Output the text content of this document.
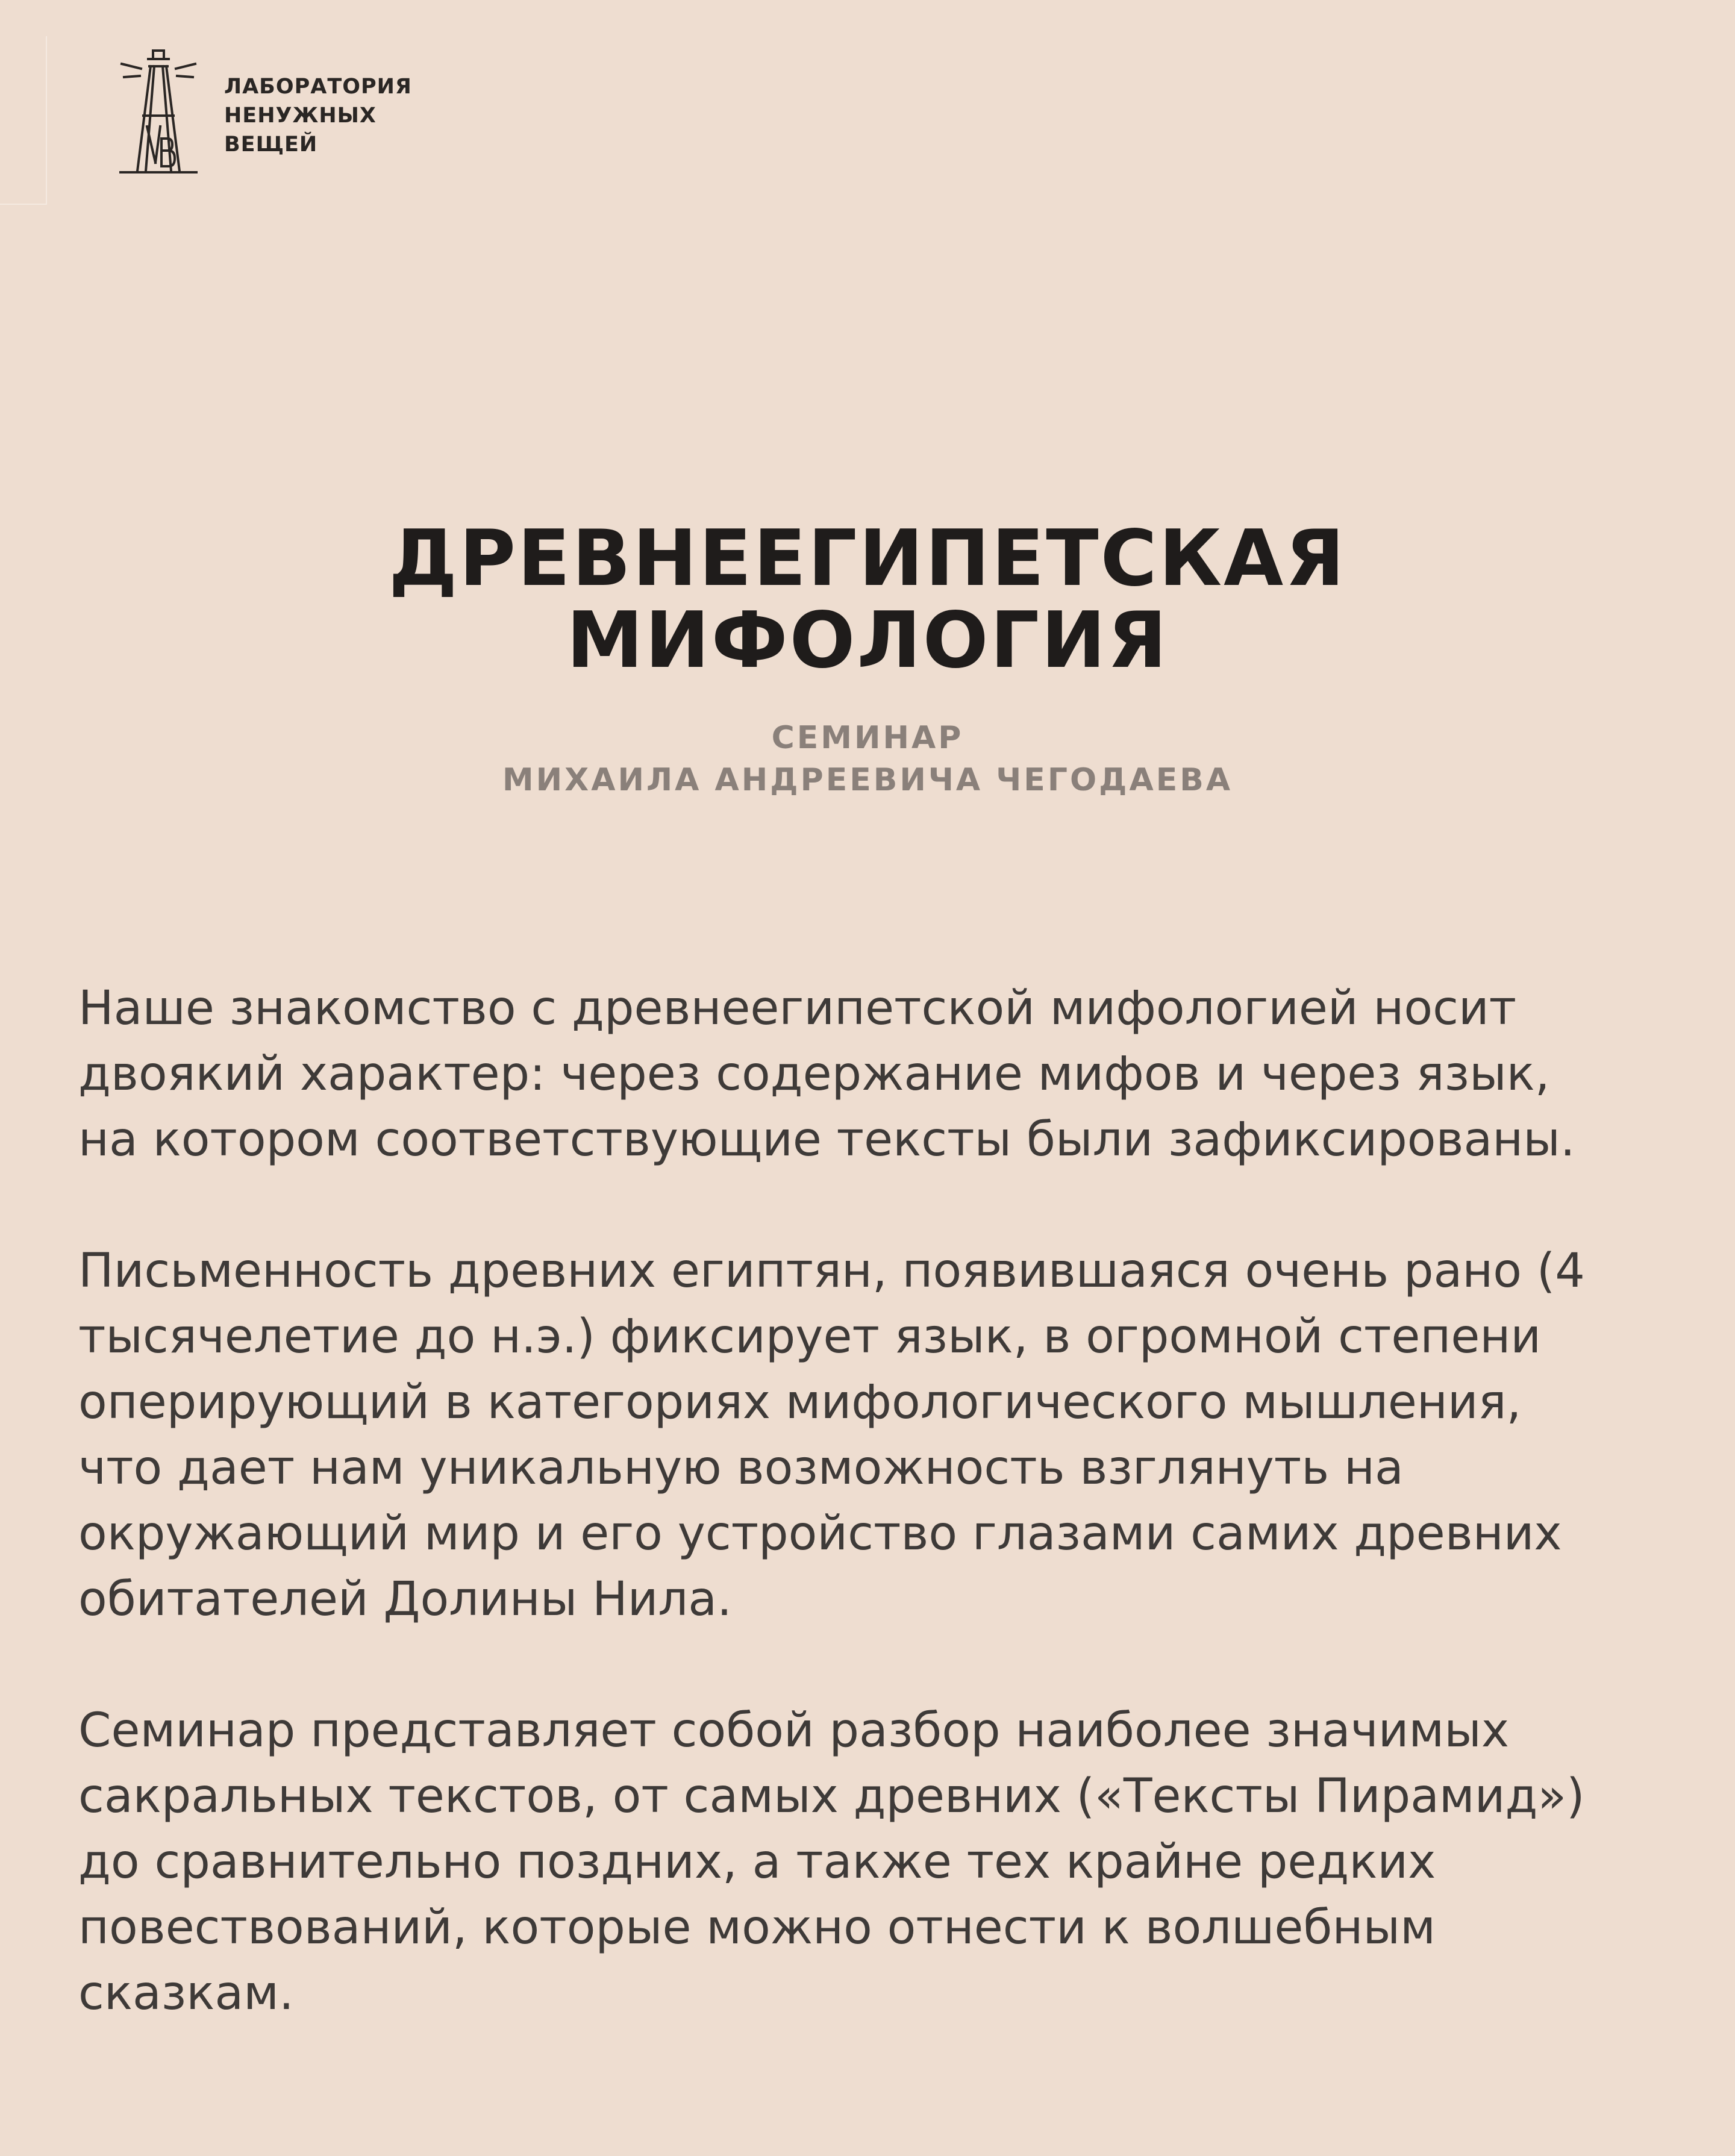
ЛАБОРАТОРИЯ
НЕНУЖНЫХ
ВЕЩЕЙ
ДРЕВНЕЕГИПЕТСКАЯ
МИФОЛОГИЯ
СЕМИНАР
МИХАИЛА АНДРЕЕВИЧА ЧЕГОДАЕВА
Наше знакомство с древнеегипетской мифологией носит
двоякий характер: через содержание мифов и через язык,
на котором соответствующие тексты были зафиксированы.
Письменность древних египтян, появившаяся очень рано (4
тысячелетие до н.э.) фиксирует язык, в огромной степени
оперирующий в категориях мифологического мышления,
что дает нам уникальную возможность взглянуть на
окружающий мир и его устройство глазами самих древних
обитателей Долины Нила.
Семинар представляет собой разбор наиболее значимых
сакральных текстов, от самых древних («Тексты Пирамид»)
до сравнительно поздних, а также тех крайне редких
повествований, которые можно отнести к волшебным
сказкам.
